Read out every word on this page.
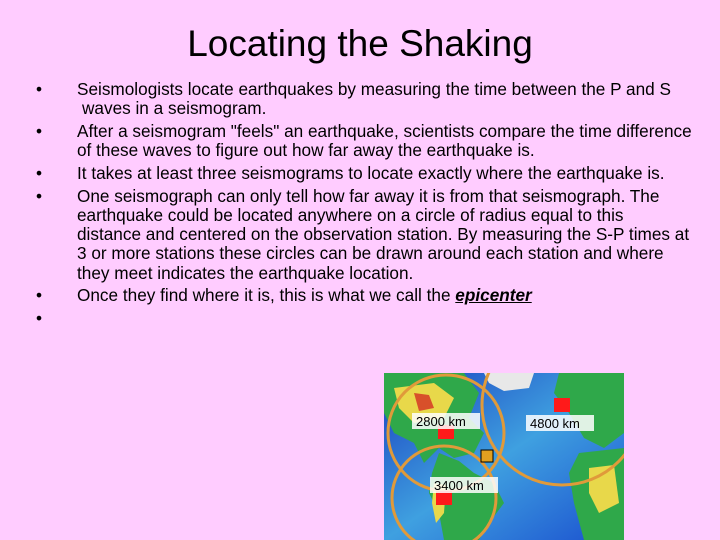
Locating the Shaking
• Seismologists locate earthquakes by measuring the time between the P and S waves in a seismogram.
• After a seismogram "feels" an earthquake, scientists compare the time difference of these waves to figure out how far away the earthquake is.
• It takes at least three seismograms to locate exactly where the earthquake is.
• One seismograph can only tell how far away it is from that seismograph. The earthquake could be located anywhere on a circle of radius equal to this distance and centered on the observation station. By measuring the S-P times at 3 or more stations these circles can be drawn around each station and where they meet indicates the earthquake location.
• Once they find where it is, this is what we call the epicenter
•
2800 km	4800 km
3400 km
